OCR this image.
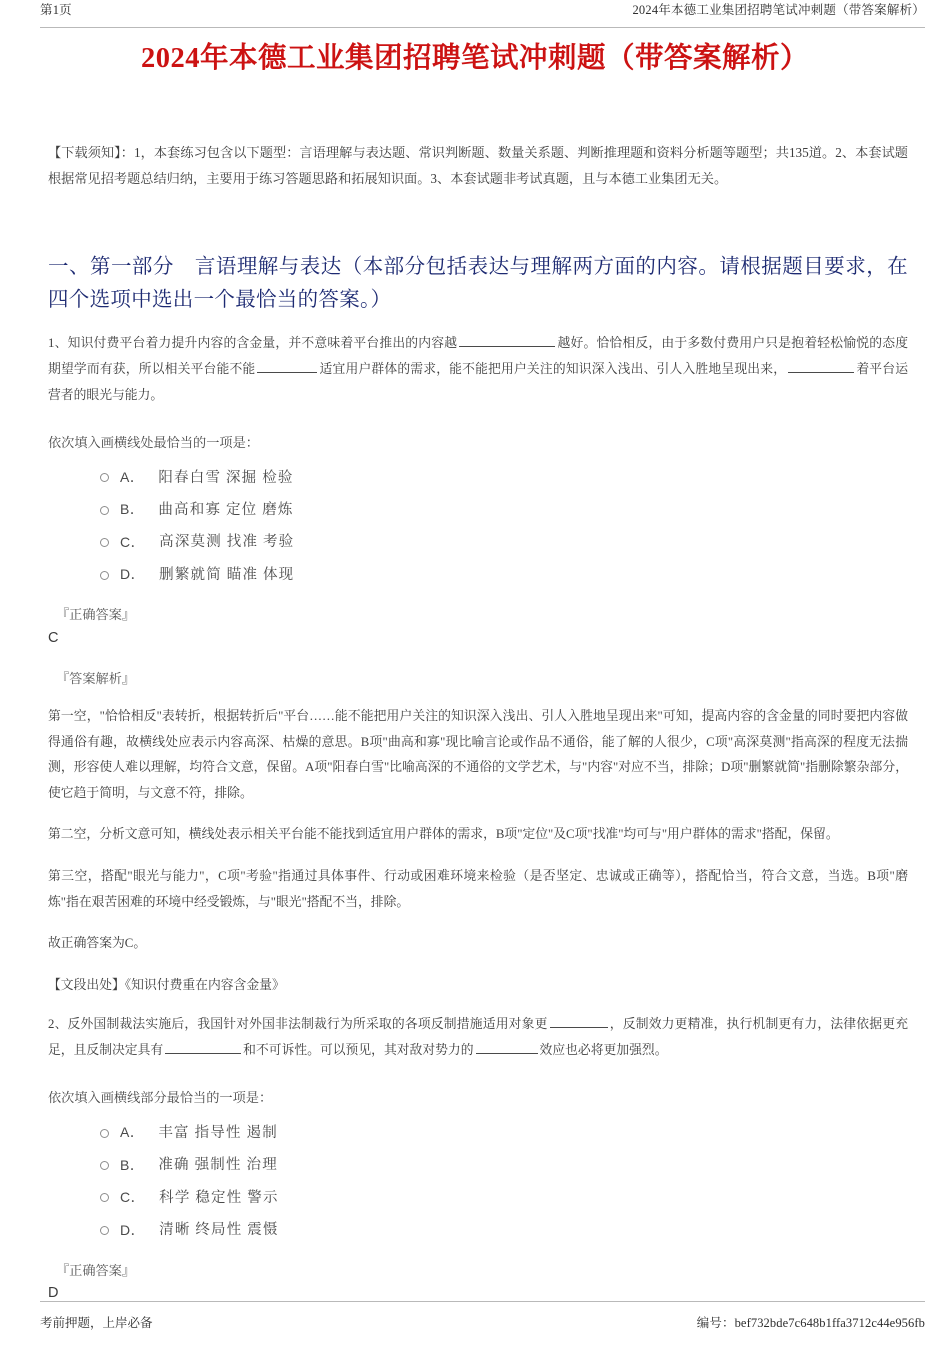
第1页	2024年本德工业集团招聘笔试冲刺题（带答案解析）
2024年本德工业集团招聘笔试冲刺题（带答案解析）

【下载须知】：1，本套练习包含以下题型：言语理解与表达题、常识判断题、数量关系题、判断推理题和资料分析题等题型；共135道。2、本套试题根据常见招考题总结归纳，主要用于练习答题思路和拓展知识面。3、本套试题非考试真题，且与本德工业集团无关。

一、第一部分　言语理解与表达（本部分包括表达与理解两方面的内容。请根据题目要求，在四个选项中选出一个最恰当的答案。）

1、知识付费平台着力提升内容的含金量，并不意味着平台推出的内容越	越好。恰恰相反，由于多数付费用户只是抱着轻松愉悦的态度期望学而有获，所以相关平台能不能	适宜用户群体的需求，能不能把用户关注的知识深入浅出、引人入胜地呈现出来，	着平台运营者的眼光与能力。

依次填入画横线处最恰当的一项是：

A． 阳春白雪 深掘 检验
B． 曲高和寡 定位 磨炼
C． 高深莫测 找准 考验
D． 删繁就简 瞄准 体现

『正确答案』

C

『答案解析』

第一空，"恰恰相反"表转折，根据转折后"平台……能不能把用户关注的知识深入浅出、引人入胜地呈现出来"可知，提高内容的含金量的同时要把内容做得通俗有趣，故横线处应表示内容高深、枯燥的意思。B项"曲高和寡"现比喻言论或作品不通俗，能了解的人很少，C项"高深莫测"指高深的程度无法揣测，形容使人难以理解，均符合文意，保留。A项"阳春白雪"比喻高深的不通俗的文学艺术，与"内容"对应不当，排除；D项"删繁就简"指删除繁杂部分，使它趋于简明，与文意不符，排除。

第二空，分析文意可知，横线处表示相关平台能不能找到适宜用户群体的需求，B项"定位"及C项"找准"均可与"用户群体的需求"搭配，保留。

第三空，搭配"眼光与能力"，C项"考验"指通过具体事件、行动或困难环境来检验（是否坚定、忠诚或正确等），搭配恰当，符合文意，当选。B项"磨炼"指在艰苦困难的环境中经受锻炼，与"眼光"搭配不当，排除。

故正确答案为C。

【文段出处】《知识付费重在内容含金量》

2、反外国制裁法实施后，我国针对外国非法制裁行为所采取的各项反制措施适用对象更	，反制效力更精准，执行机制更有力，法律依据更充足，且反制决定具有	和不可诉性。可以预见，其对敌对势力的	效应也必将更加强烈。

依次填入画横线部分最恰当的一项是：

A． 丰富 指导性 遏制
B． 准确 强制性 治理
C． 科学 稳定性 警示
D． 清晰 终局性 震慑

『正确答案』

D

考前押题，上岸必备	编号：bef732bde7c648b1ffa3712c44e956fb
